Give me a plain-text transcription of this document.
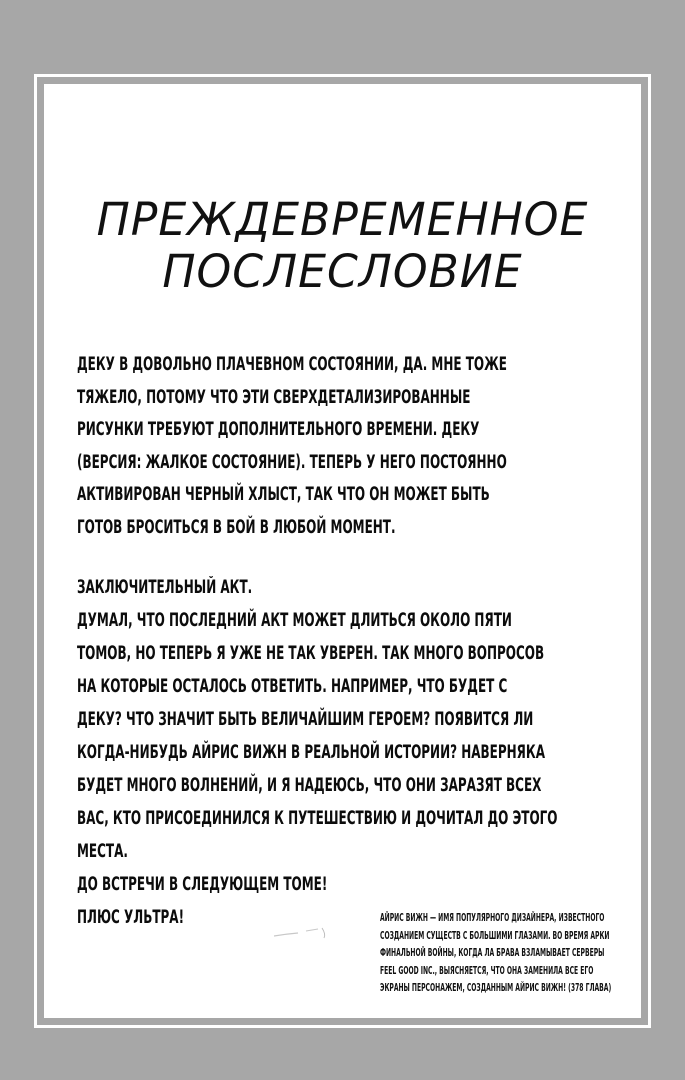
ПРЕЖДЕВРЕМЕННОЕ
ПОСЛЕСЛОВИЕ
ДЕКУ В ДОВОЛЬНО ПЛАЧЕВНОМ СОСТОЯНИИ, ДА. МНЕ ТОЖЕ
ТЯЖЕЛО, ПОТОМУ ЧТО ЭТИ СВЕРХДЕТАЛИЗИРОВАННЫЕ
РИСУНКИ ТРЕБУЮТ ДОПОЛНИТЕЛЬНОГО ВРЕМЕНИ. ДЕКУ
(ВЕРСИЯ: ЖАЛКОЕ СОСТОЯНИЕ). ТЕПЕРЬ У НЕГО ПОСТОЯННО
АКТИВИРОВАН ЧЕРНЫЙ ХЛЫСТ, ТАК ЧТО ОН МОЖЕТ БЫТЬ
ГОТОВ БРОСИТЬСЯ В БОЙ В ЛЮБОЙ МОМЕНТ.
ЗАКЛЮЧИТЕЛЬНЫЙ АКТ.
ДУМАЛ, ЧТО ПОСЛЕДНИЙ АКТ МОЖЕТ ДЛИТЬСЯ ОКОЛО ПЯТИ
ТОМОВ, НО ТЕПЕРЬ Я УЖЕ НЕ ТАК УВЕРЕН. ТАК МНОГО ВОПРОСОВ
НА КОТОРЫЕ ОСТАЛОСЬ ОТВЕТИТЬ. НАПРИМЕР, ЧТО БУДЕТ С
ДЕКУ? ЧТО ЗНАЧИТ БЫТЬ ВЕЛИЧАЙШИМ ГЕРОЕМ? ПОЯВИТСЯ ЛИ
КОГДА-НИБУДЬ АЙРИС ВИЖН В РЕАЛЬНОЙ ИСТОРИИ? НАВЕРНЯКА
БУДЕТ МНОГО ВОЛНЕНИЙ, И Я НАДЕЮСЬ, ЧТО ОНИ ЗАРАЗЯТ ВСЕХ
ВАС, КТО ПРИСОЕДИНИЛСЯ К ПУТЕШЕСТВИЮ И ДОЧИТАЛ ДО ЭТОГО
МЕСТА.
ДО ВСТРЕЧИ В СЛЕДУЮЩЕМ ТОМЕ!
ПЛЮС УЛЬТРА!	АЙРИС ВИЖН — ИМЯ ПОПУЛЯРНОГО ДИЗАЙНЕРА, ИЗВЕСТНОГО
СОЗДАНИЕМ СУЩЕСТВ С БОЛЬШИМИ ГЛАЗАМИ. ВО ВРЕМЯ АРКИ
ФИНАЛЬНОЙ ВОЙНЫ, КОГДА ЛА БРАВА ВЗЛАМЫВАЕТ СЕРВЕРЫ
FEEL GOOD INC., ВЫЯСНЯЕТСЯ, ЧТО ОНА ЗАМЕНИЛА ВСЕ ЕГО
ЭКРАНЫ ПЕРСОНАЖЕМ, СОЗДАННЫМ АЙРИС ВИЖН! (378 ГЛАВА)
